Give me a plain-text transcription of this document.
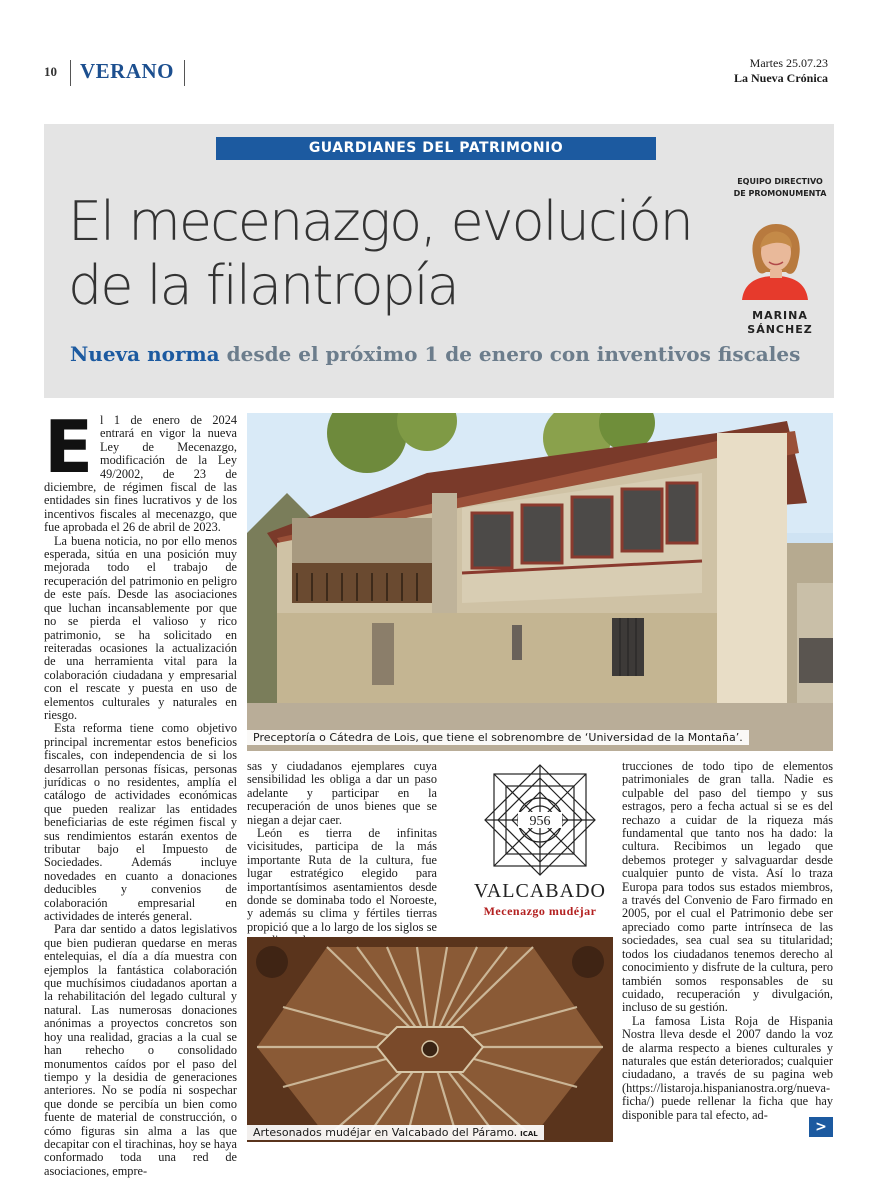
10 VERANO	Martes 25.07.23
La Nueva Crónica
GUARDIANES DEL PATRIMONIO
El mecenazgo, evolución
de la filantropía
Nueva norma desde el próximo 1 de enero con inventivos fiscales
EQUIPO DIRECTIVO
DE PROMONUMENTA
MARINA
SÁNCHEZ

El 1 de enero de 2024 entrará en vigor la nueva Ley de Mecenazgo, modificación de la Ley 49/2002, de 23 de diciembre, de régimen fiscal de las entidades sin fines lucrativos y de los incentivos fiscales al mecenazgo, que fue aprobada el 26 de abril de 2023.

La buena noticia, no por ello menos esperada, sitúa en una posición muy mejorada todo el trabajo de recuperación del patrimonio en peligro de este país. Desde las asociaciones que luchan incansablemente por que no se pierda el valioso y rico patrimonio, se ha solicitado en reiteradas ocasiones la actualización de una herramienta vital para la colaboración ciudadana y empresarial con el rescate y puesta en uso de elementos culturales y naturales en riesgo.

Esta reforma tiene como objetivo principal incrementar estos beneficios fiscales, con independencia de si los desarrollan personas físicas, personas jurídicas o no residentes, amplía el catálogo de actividades económicas que pueden realizar las entidades beneficiarias de este régimen fiscal y sus rendimientos estarán exentos de tributar bajo el Impuesto de Sociedades. Además incluye novedades en cuanto a donaciones deducibles y convenios de colaboración empresarial en actividades de interés general.

Para dar sentido a datos legislativos que bien pudieran quedarse en meras entelequias, el día a día muestra con ejemplos la fantástica colaboración que muchísimos ciudadanos aportan a la rehabilitación del legado cultural y natural. Las numerosas donaciones anónimas a proyectos concretos son hoy una realidad, gracias a la cual se han rehecho o consolidado monumentos caídos por el paso del tiempo y la desidia de generaciones anteriores. No se podía ni sospechar que donde se percibía un bien como fuente de material de construcción, o cómo figuras sin alma a las que decapitar con el tirachinas, hoy se haya conformado toda una red de asociaciones, empre-

Preceptoría o Cátedra de Lois, que tiene el sobrenombre de ‘Universidad de la Montaña’.

sas y ciudadanos ejemplares cuya sensibilidad les obliga a dar un paso adelante y participar en la recuperación de unos bienes que se niegan a dejar caer.

León es tierra de infinitas vicisitudes, participa de la más importante Ruta de la cultura, fue lugar estratégico elegido para importantísimos asentamientos desde donde se dominaba todo el Noroeste, y además su clima y fértiles tierras propició que a lo largo de los siglos se

956
VALCABADO
Mecenazgo mudéjar
Artesonados mudéjar en Valcabado del Páramo. ICAL

trucciones de todo tipo de elementos patrimoniales de gran talla. Nadie es culpable del paso del tiempo y sus estragos, pero a fecha actual si se es del rechazo a cuidar de la riqueza más fundamental que tanto nos ha dado: la cultura. Recibimos un legado que debemos proteger y salvaguardar desde cualquier punto de vista. Así lo traza Europa para todos sus estados miembros, a través del Convenio de Faro firmado en 2005, por el cual el Patrimonio debe ser apreciado como parte intrínseca de las sociedades, sea cual sea su titularidad; todos los ciudadanos tenemos derecho al conocimiento y disfrute de la cultura, pero también somos responsables de su cuidado, recuperación y divulgación, incluso de su gestión.

La famosa Lista Roja de Hispania Nostra lleva desde el 2007 dando la voz de alarma respecto a bienes culturales y naturales que están deteriorados; cualquier ciudadano, a través de su pagina web (https://listaroja.hispanianostra.org/nueva-ficha/) puede rellenar la ficha que hay disponible para tal efecto, ad-

>
